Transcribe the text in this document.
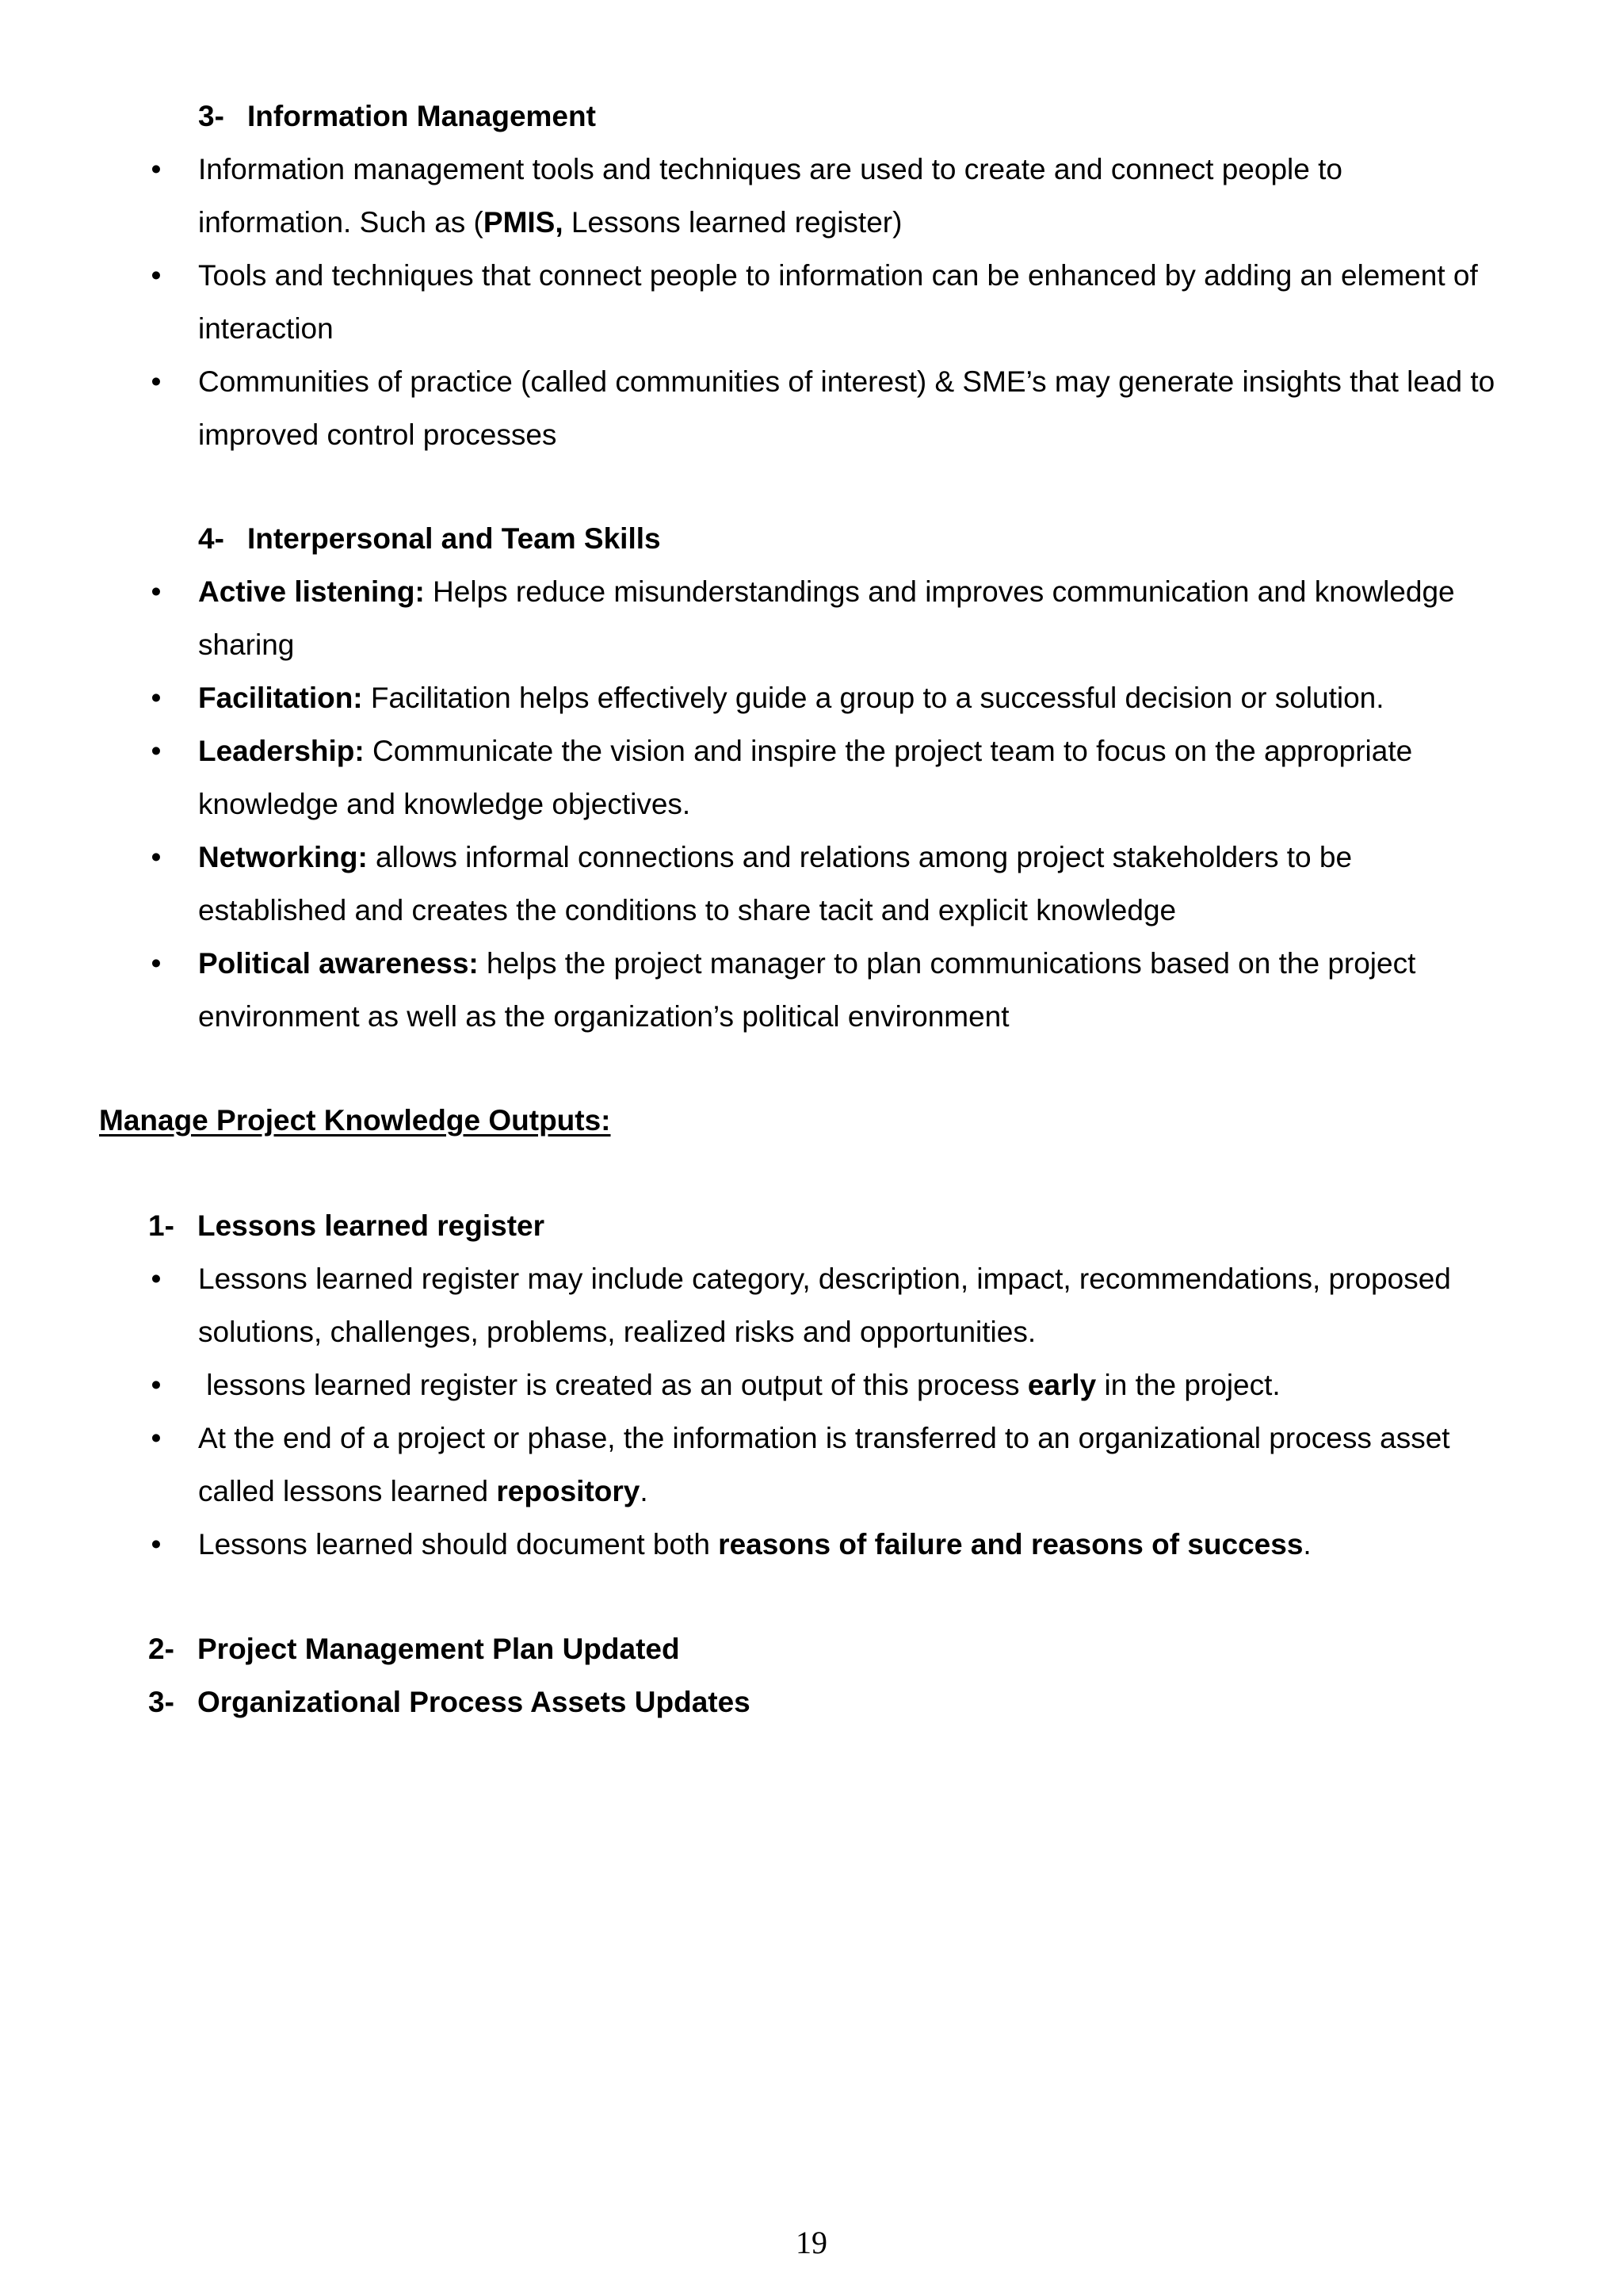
3- Information Management
• Information management tools and techniques are used to create and connect people to
information. Such as (PMIS, Lessons learned register)
• Tools and techniques that connect people to information can be enhanced by adding an element of
interaction
• Communities of practice (called communities of interest) & SME’s may generate insights that lead to
improved control processes
4- Interpersonal and Team Skills
• Active listening: Helps reduce misunderstandings and improves communication and knowledge
sharing
• Facilitation: Facilitation helps effectively guide a group to a successful decision or solution.
• Leadership: Communicate the vision and inspire the project team to focus on the appropriate
knowledge and knowledge objectives.
• Networking: allows informal connections and relations among project stakeholders to be
established and creates the conditions to share tacit and explicit knowledge
• Political awareness: helps the project manager to plan communications based on the project
environment as well as the organization’s political environment
Manage Project Knowledge Outputs:
1- Lessons learned register
• Lessons learned register may include category, description, impact, recommendations, proposed
solutions, challenges, problems, realized risks and opportunities.
• lessons learned register is created as an output of this process early in the project.
• At the end of a project or phase, the information is transferred to an organizational process asset
called lessons learned repository.
• Lessons learned should document both reasons of failure and reasons of success.
2- Project Management Plan Updated
3- Organizational Process Assets Updates
19
